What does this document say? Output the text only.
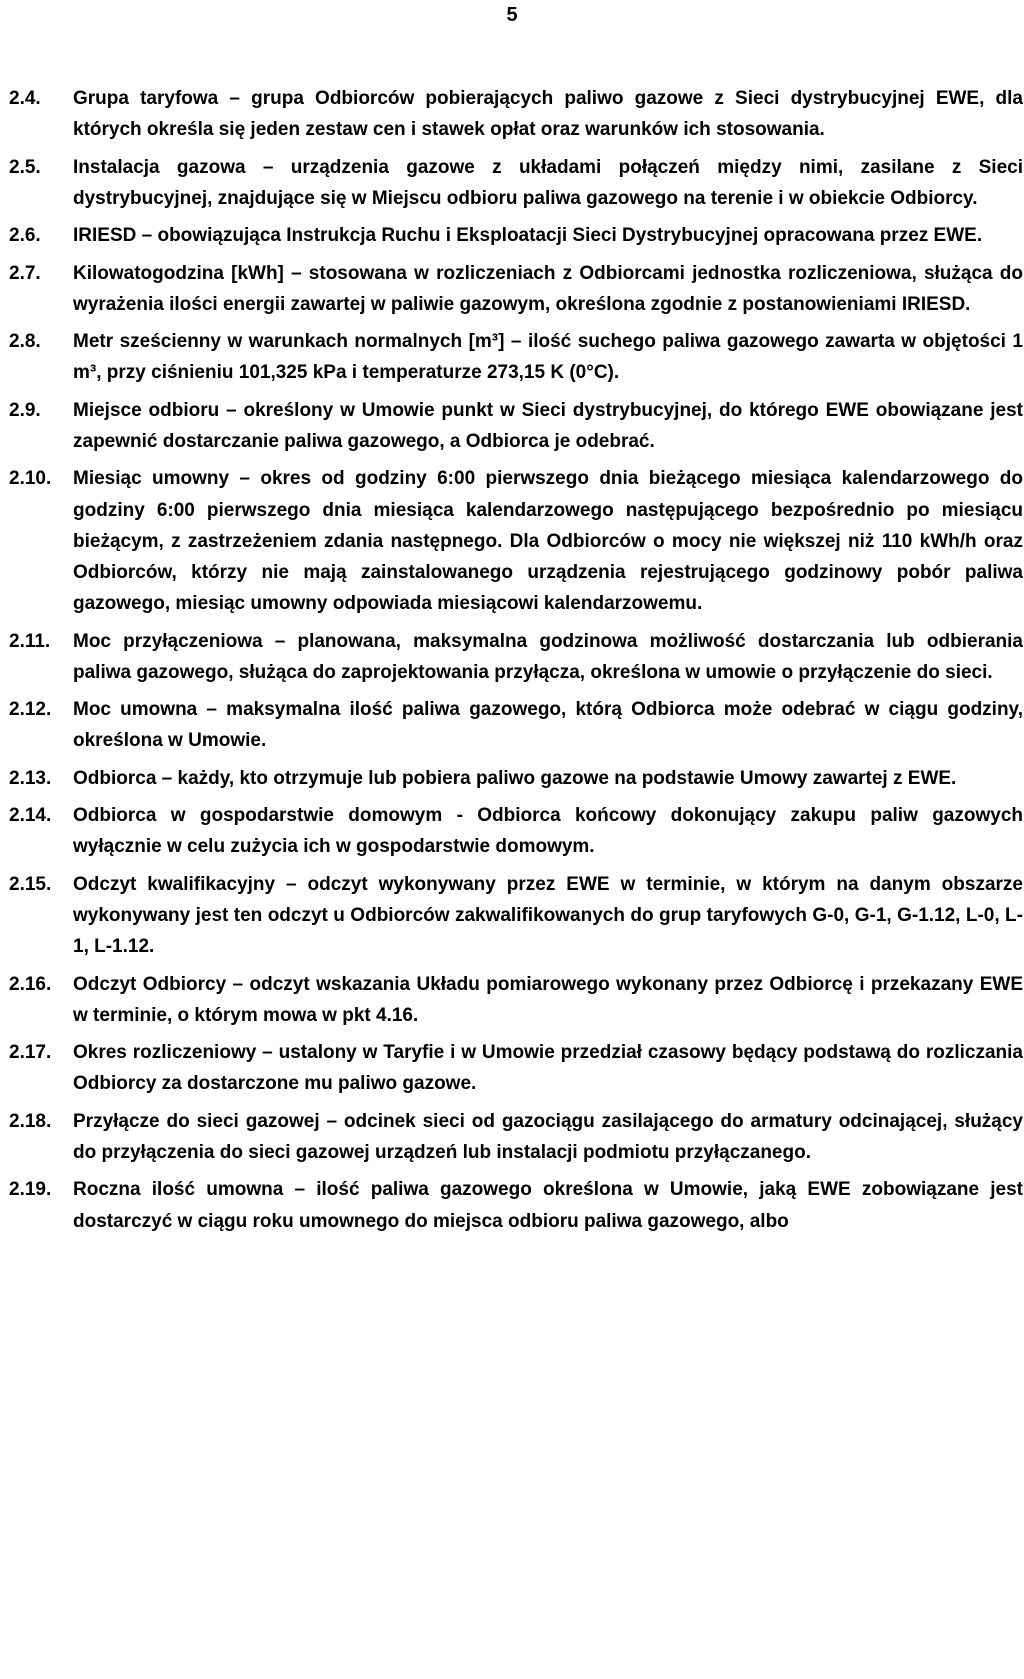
5
2.4. Grupa taryfowa – grupa Odbiorców pobierających paliwo gazowe z Sieci dystrybucyjnej EWE, dla których określa się jeden zestaw cen i stawek opłat oraz warunków ich stosowania.
2.5. Instalacja gazowa – urządzenia gazowe z układami połączeń między nimi, zasilane z Sieci dystrybucyjnej, znajdujące się w Miejscu odbioru paliwa gazowego na terenie i w obiekcie Odbiorcy.
2.6. IRIESD – obowiązująca Instrukcja Ruchu i Eksploatacji Sieci Dystrybucyjnej opracowana przez EWE.
2.7. Kilowatogodzina [kWh] – stosowana w rozliczeniach z Odbiorcami jednostka rozliczeniowa, służąca do wyrażenia ilości energii zawartej w paliwie gazowym, określona zgodnie z postanowieniami IRIESD.
2.8. Metr sześcienny w warunkach normalnych [m³] – ilość suchego paliwa gazowego zawarta w objętości 1 m³, przy ciśnieniu 101,325 kPa i temperaturze 273,15 K (0°C).
2.9. Miejsce odbioru – określony w Umowie punkt w Sieci dystrybucyjnej, do którego EWE obowiązane jest zapewnić dostarczanie paliwa gazowego, a Odbiorca je odebrać.
2.10. Miesiąc umowny – okres od godziny 6:00 pierwszego dnia bieżącego miesiąca kalendarzowego do godziny 6:00 pierwszego dnia miesiąca kalendarzowego następującego bezpośrednio po miesiącu bieżącym, z zastrzeżeniem zdania następnego. Dla Odbiorców o mocy nie większej niż 110 kWh/h oraz Odbiorców, którzy nie mają zainstalowanego urządzenia rejestrującego godzinowy pobór paliwa gazowego, miesiąc umowny odpowiada miesiącowi kalendarzowemu.
2.11. Moc przyłączeniowa – planowana, maksymalna godzinowa możliwość dostarczania lub odbierania paliwa gazowego, służąca do zaprojektowania przyłącza, określona w umowie o przyłączenie do sieci.
2.12. Moc umowna – maksymalna ilość paliwa gazowego, którą Odbiorca może odebrać w ciągu godziny, określona w Umowie.
2.13. Odbiorca – każdy, kto otrzymuje lub pobiera paliwo gazowe na podstawie Umowy zawartej z EWE.
2.14. Odbiorca w gospodarstwie domowym - Odbiorca końcowy dokonujący zakupu paliw gazowych wyłącznie w celu zużycia ich w gospodarstwie domowym.
2.15. Odczyt kwalifikacyjny – odczyt wykonywany przez EWE w terminie, w którym na danym obszarze wykonywany jest ten odczyt u Odbiorców zakwalifikowanych do grup taryfowych G-0, G-1, G-1.12, L-0, L-1, L-1.12.
2.16. Odczyt Odbiorcy – odczyt wskazania Układu pomiarowego wykonany przez Odbiorcę i przekazany EWE w terminie, o którym mowa w pkt 4.16.
2.17. Okres rozliczeniowy – ustalony w Taryfie i w Umowie przedział czasowy będący podstawą do rozliczania Odbiorcy za dostarczone mu paliwo gazowe.
2.18. Przyłącze do sieci gazowej – odcinek sieci od gazociągu zasilającego do armatury odcinającej, służący do przyłączenia do sieci gazowej urządzeń lub instalacji podmiotu przyłączanego.
2.19. Roczna ilość umowna – ilość paliwa gazowego określona w Umowie, jaką EWE zobowiązane jest dostarczyć w ciągu roku umownego do miejsca odbioru paliwa gazowego, albo
